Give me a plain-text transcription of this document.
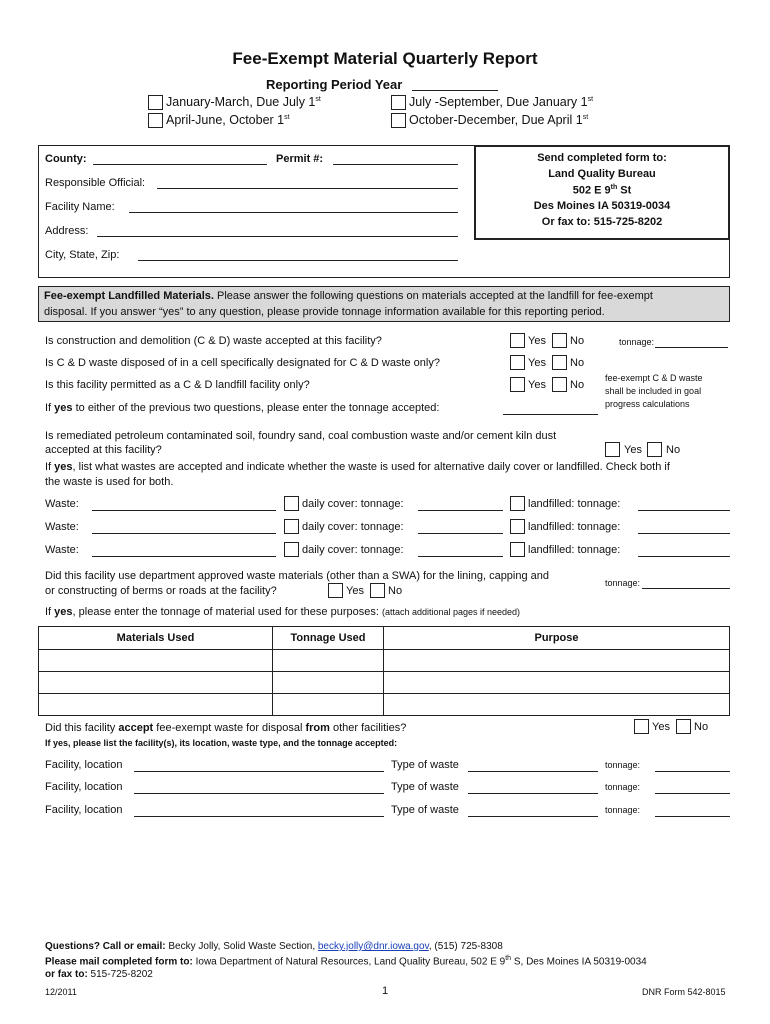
Fee-Exempt Material Quarterly Report
Reporting Period Year
January-March, Due July 1st
April-June, October 1st
July -September, Due January 1st
October-December, Due April 1st
County:	Permit #:
Responsible Official:
Facility Name:
Address:
City, State, Zip:
Send completed form to:
Land Quality Bureau
502 E 9th St
Des Moines IA 50319-0034
Or fax to: 515-725-8202
Fee-exempt Landfilled Materials. Please answer the following questions on materials accepted at the landfill for fee-exempt
disposal. If you answer “yes” to any question, please provide tonnage information available for this reporting period.
Is construction and demolition (C & D) waste accepted at this facility?	Yes No	tonnage:
Is C & D waste disposed of in a cell specifically designated for C & D waste only?	Yes No
Is this facility permitted as a C & D landfill facility only?	Yes No
fee-exempt C & D waste
shall be included in goal
progress calculations
If yes to either of the previous two questions, please enter the tonnage accepted:
Is remediated petroleum contaminated soil, foundry sand, coal combustion waste and/or cement kiln dust
accepted at this facility?	Yes No
If yes, list what wastes are accepted and indicate whether the waste is used for alternative daily cover or landfilled. Check both if
the waste is used for both.
Waste:	daily cover: tonnage:	landfilled: tonnage:
Waste:	daily cover: tonnage:	landfilled: tonnage:
Waste:	daily cover: tonnage:	landfilled: tonnage:
Did this facility use department approved waste materials (other than a SWA) for the lining, capping and
or constructing of berms or roads at the facility?	Yes No
tonnage:
If yes, please enter the tonnage of material used for these purposes: (attach additional pages if needed)
Materials Used	Tonnage Used	Purpose

Did this facility accept fee-exempt waste for disposal from other facilities?	Yes No
If yes, please list the facility(s), its location, waste type, and the tonnage accepted:
Facility, location	Type of waste	tonnage:
Facility, location	Type of waste	tonnage:
Facility, location	Type of waste	tonnage:
Questions? Call or email: Becky Jolly, Solid Waste Section, becky.jolly@dnr.iowa.gov, (515) 725-8308
Please mail completed form to: Iowa Department of Natural Resources, Land Quality Bureau, 502 E 9th S, Des Moines IA 50319-0034
or fax to: 515-725-8202
12/2011	1	DNR Form 542-8015
